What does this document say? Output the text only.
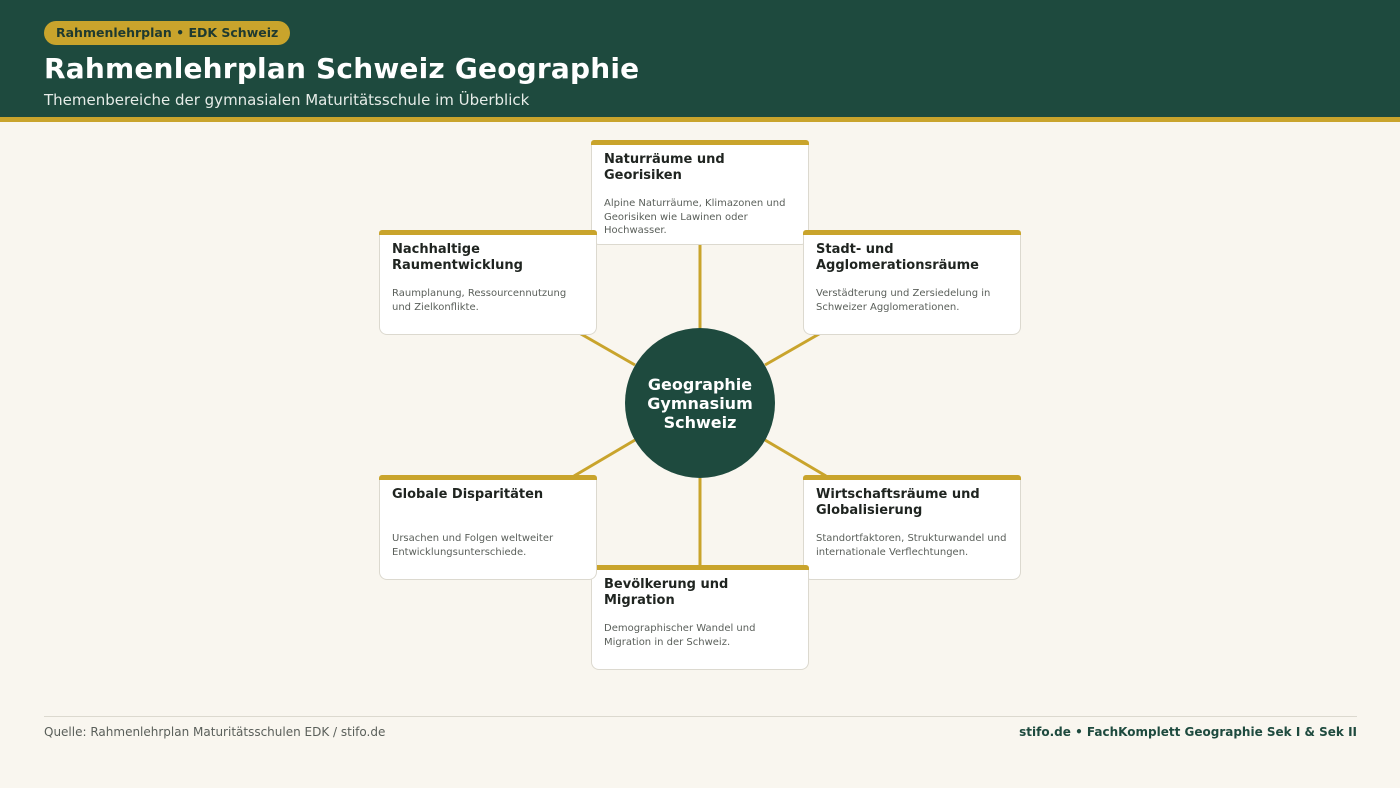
Rahmenlehrplan • EDK Schweiz
Rahmenlehrplan Schweiz Geographie
Themenbereiche der gymnasialen Maturitätsschule im Überblick
Naturräume und Georisiken
Alpine Naturräume, Klimazonen und Georisiken wie Lawinen oder Hochwasser.
Stadt- und Agglomerationsräume
Verstädterung und Zersiedelung in Schweizer Agglomerationen.
Wirtschaftsräume und Globalisierung
Standortfaktoren, Strukturwandel und internationale Verflechtungen.
Bevölkerung und Migration
Demographischer Wandel und Migration in der Schweiz.
Globale Disparitäten
Ursachen und Folgen weltweiter Entwicklungsunterschiede.
Nachhaltige Raumentwicklung
Raumplanung, Ressourcennutzung und Zielkonflikte.
Geographie
Gymnasium
Schweiz
Quelle: Rahmenlehrplan Maturitätsschulen EDK / stifo.de	stifo.de • FachKomplett Geographie Sek I & Sek II
